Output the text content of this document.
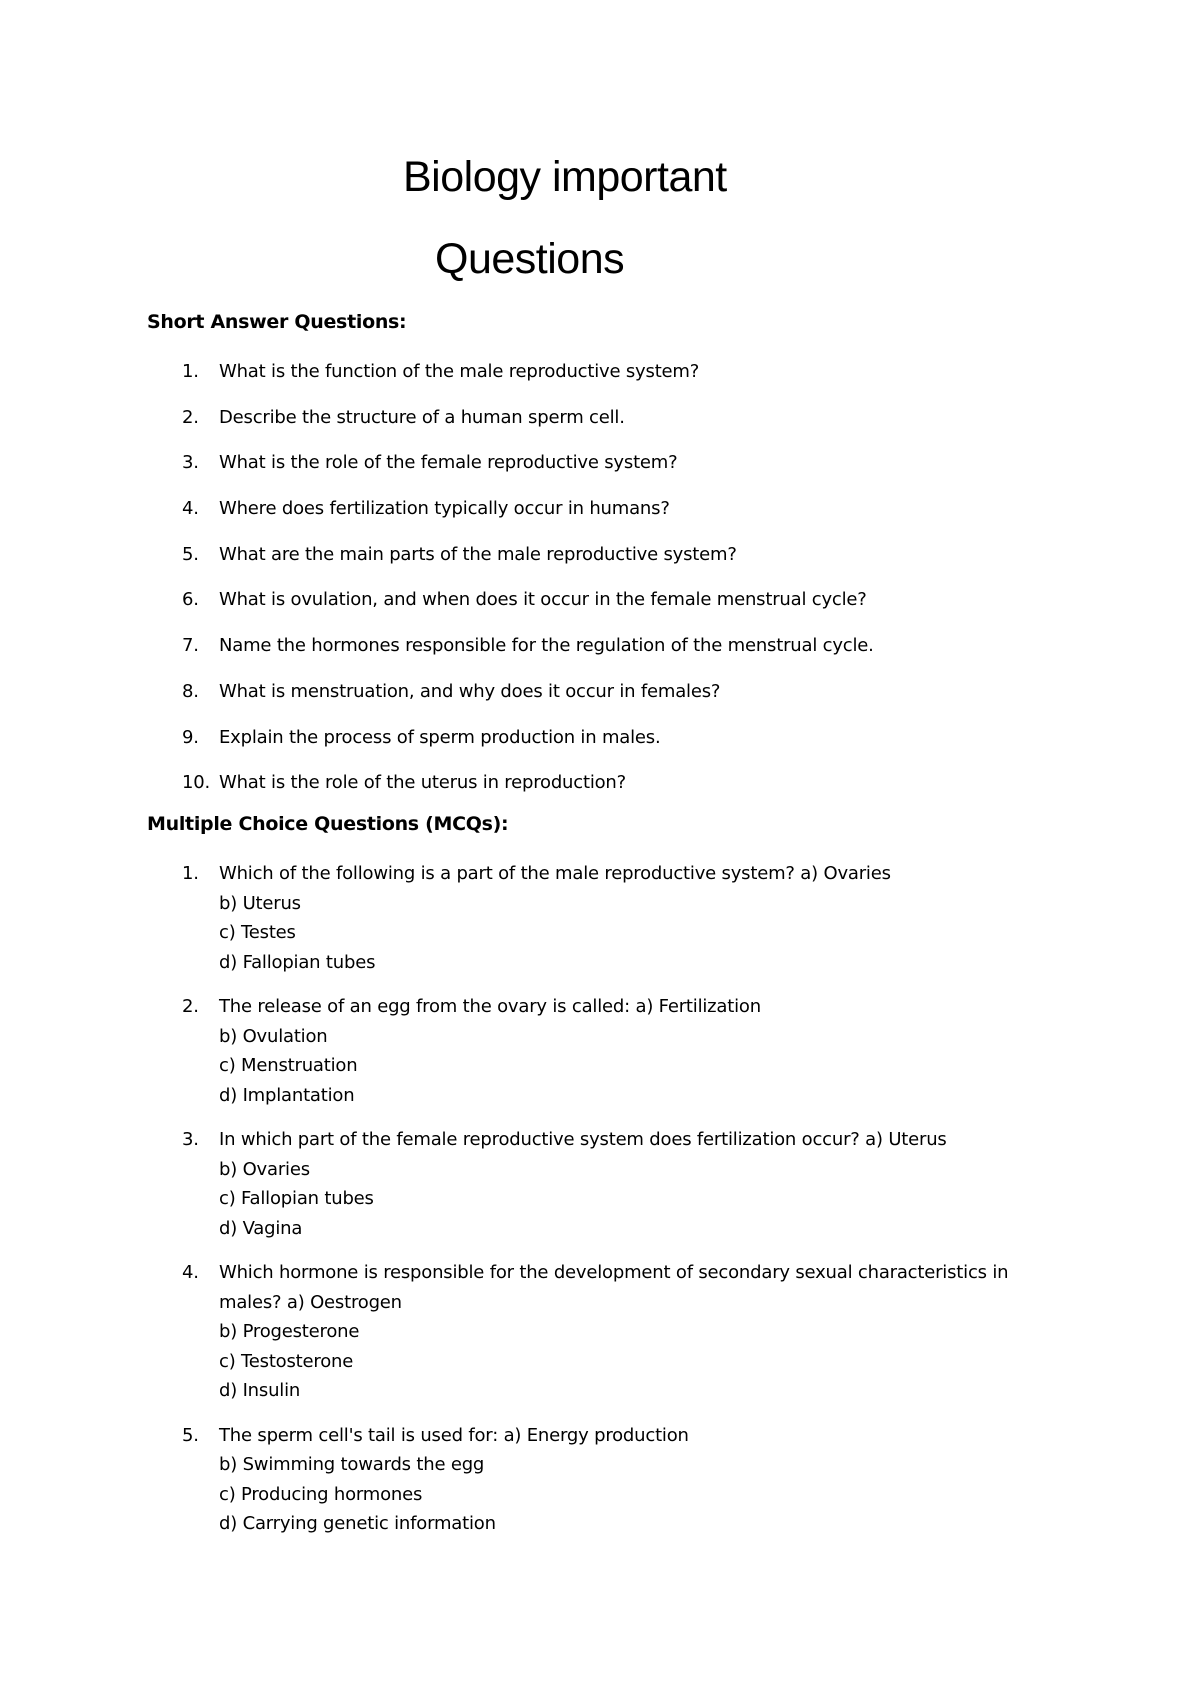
Biology important
Questions
Short Answer Questions:
1. What is the function of the male reproductive system?
2. Describe the structure of a human sperm cell.
3. What is the role of the female reproductive system?
4. Where does fertilization typically occur in humans?
5. What are the main parts of the male reproductive system?
6. What is ovulation, and when does it occur in the female menstrual cycle?
7. Name the hormones responsible for the regulation of the menstrual cycle.
8. What is menstruation, and why does it occur in females?
9. Explain the process of sperm production in males.
10. What is the role of the uterus in reproduction?
Multiple Choice Questions (MCQs):
1. Which of the following is a part of the male reproductive system? a) Ovaries
b) Uterus
c) Testes
d) Fallopian tubes
2. The release of an egg from the ovary is called: a) Fertilization
b) Ovulation
c) Menstruation
d) Implantation
3. In which part of the female reproductive system does fertilization occur? a) Uterus
b) Ovaries
c) Fallopian tubes
d) Vagina
4. Which hormone is responsible for the development of secondary sexual characteristics in
males? a) Oestrogen
b) Progesterone
c) Testosterone
d) Insulin
5. The sperm cell's tail is used for: a) Energy production
b) Swimming towards the egg
c) Producing hormones
d) Carrying genetic information
